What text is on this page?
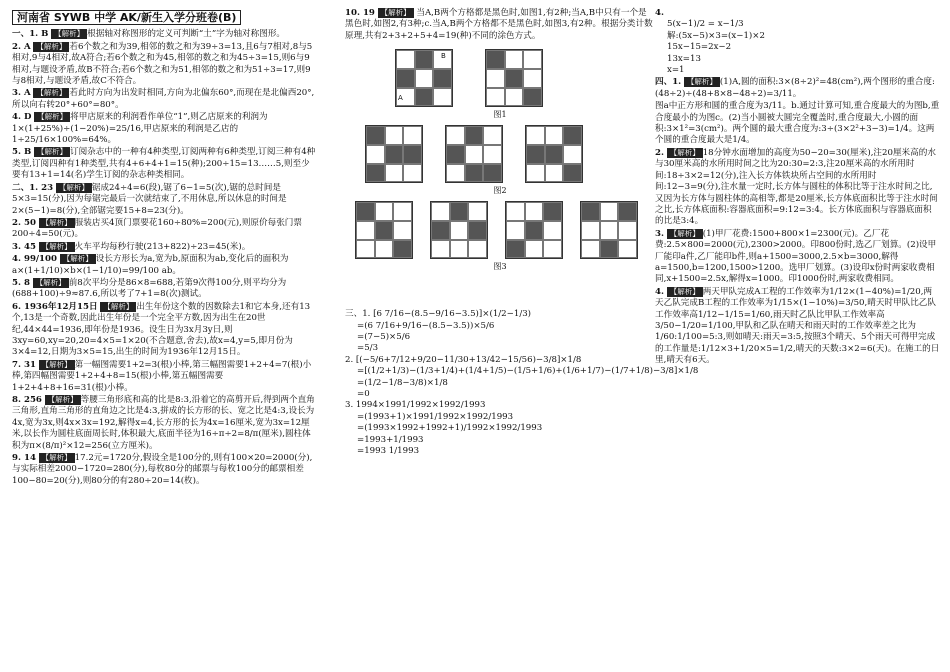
河南省 SYWB 中学 AK/新生入学分班卷(B)
一、1. B 【解析】 根据轴对称图形的定义可判断“土”字为轴对称图形。
2. A 【解析】 若6个数之和为39,相邻的数之和为39÷3=13,且6与7相对,8与5相对,9与4相对,故A符合;若6个数之和为45,相邻的数之和为45÷3=15,则6与9相对,与题设矛盾,故B不符合;若6个数之和为51,相邻的数之和为51÷3=17,则9与8相对,与题设矛盾,故C不符合。
3. A 【解析】 若此时方向为出发时相同,方向为北偏东60°,而现在是北偏西20°,所以向右转20°+60°=80°。
4. D 【解析】 将甲店原来的利润看作单位“1”,则乙店原来的利润为1×(1+25%)÷(1−20%)=25/16,甲店原来的利润是乙店的1÷25/16×100%=64%。
5. B 【解析】 订阅杂志中的一种有4种类型,订阅两种有6种类型,订阅三种有4种类型,订阅四种有1种类型,共有4+6+4+1=15(种);200÷15=13……5,则至少要有13+1=14(名)学生订阅的杂志种类相同。
二、1. 23 【解析】 锯成24÷4=6(段),锯了6−1=5(次),锯的总时间是5×3=15(分),因为每锯完最后一次就结束了,不用休息,所以休息的时间是2×(5−1)=8(分),全部锯完要15+8=23(分)。
2. 50 【解析】 服装店买4顶门票要花160÷80%=200(元),则原价每张门票200÷4=50(元)。
3. 45 【解析】 火车平均每秒行驶(213+822)÷23=45(米)。
4. 99/100 【解析】 设长方形长为a,宽为b,原面积为ab,变化后的面积为a×(1+1/10)×b×(1−1/10)=99/100 ab。
5. 8 【解析】 前8次平均分是86×8=688,若第9次得100分,则平均分为(688+100)÷9≈87.6,所以考了7+1=8(次)测试。
6. 1936年12月15日 【解析】 出生年份这个数的因数除去1和它本身,还有13个,13是一个奇数,因此出生年份是一个完全平方数,因为出生在20世纪,44×44=1936,即年份是1936。设生日为3x月3y日,则3xy=60,xy=20,20=4×5=1×20(不合题意,舍去),故x=4,y=5,即月份为3×4=12,日期为3×5=15,出生的时间为1936年12月15日。
7. 31 【解析】 第一幅图需要1+2=3(根)小棒,第三幅图需要1+2+4=7(根)小棒,第四幅图需要1+2+4+8=15(根)小棒,第五幅图需要1+2+4+8+16=31(根)小棒。
8. 256 【解析】 等腰三角形底和高的比是8:3,沿着它的高剪开后,得到两个直角三角形,直角三角形的直角边之比是4:3,拼成的长方形的长、宽之比是4:3,设长为4x,宽为3x,则4x×3x=192,解得x=4,长方形的长为4x=16厘米,宽为3x=12厘米,以长作为圆柱底面周长时,体积最大,底面半径为16÷π÷2=8/π(厘米),圆柱体积为π×(8/π)²×12=256(立方厘米)。
9. 14 【解析】 17.2元=1720分,假设全是100分的,则有100×20=2000(分),与实际相差2000−1720=280(分),每枚80分的邮票与每枚100分的邮票相差100−80=20(分),则80分的有280÷20=14(枚)。
10. 19 【解析】 当A,B两个方格都是黑色时,如图1,有2种;当A,B中只有一个是黑色时,如图2,有3种;c.当A,B两个方格都不是黑色时,如图3,有2种。根据分类计数原理,共有2+3+2+5+4=19(种)不同的涂色方式。
A
B
图1
图2
图3
三、1. [6 7/16−(8.5−9/16−3.5)]×(1/2−1/3)
=(6 7/16+9/16−(8.5−3.5))×5/6
=(7−5)×5/6
=5/3
2. [(−5/6+7/12+9/20−11/30+13/42−15/56)−3/8]×1/8
=[(1/2+1/3)−(1/3+1/4)+(1/4+1/5)−(1/5+1/6)+(1/6+1/7)−(1/7+1/8)−3/8]×1/8
=(1/2−1/8−3/8)×1/8
=0
3. 1994×1991/1992×1992/1993
=(1993+1)×1991/1992×1992/1993
=(1993×1992+1992+1)/1992×1992/1993
=1993+1/1993
=1993 1/1993
4.
5(x−1)/2 = x−1/3
解:(5x−5)×3=(x−1)×2
15x−15=2x−2
13x=13
x=1
四、1. 【解析】 (1)A,圆的面积:3×(8÷2)²=48(cm²),两个图形的重合度:(48÷2)÷(48+8×8−48÷2)=3/11。
图a中正方形和圆的重合度为3/11。b.通过计算可知,重合度最大的为图b,重合度最小的为图c。(2)当小圆被大圆完全覆盖时,重合度最大,小圆的面积:3×1²=3(cm²)。两个圆的最大重合度为:3÷(3×2²+3−3)=1/4。这两个圆的重合度最大是1/4。
2. 【解析】 18分钟水面增加的高度为50−20=30(厘米),注20厘米高的水与30厘米高的水所用时间之比为20:30=2:3,注20厘米高的水所用时间:18÷3×2=12(分),注入长方体铁块所占空间的水所用时间:12−3=9(分),注水量一定时,长方体与圆柱的体积比等于注水时间之比,又因为长方体与圆柱体的高相等,都是20厘米,长方体底面积比等于注水时间之比,长方体底面积:容器底面积=9:12=3:4。长方体底面积与容器底面积的比是3:4。
3. 【解析】 (1)甲厂花费:1500+800×1=2300(元)。乙厂花费:2.5×800=2000(元),2300>2000。印800份时,选乙厂划算。(2)设甲厂能印a件,乙厂能印b件,则a+1500=3000,2.5×b=3000,解得a=1500,b=1200,1500>1200。选甲厂划算。(3)设印x份时两家收费相同,x+1500=2.5x,解得x=1000。印1000份时,两家收费相同。
4. 【解析】 两天甲队完成A工程的工作效率为1/12×(1−40%)=1/20,两天乙队完成B工程的工作效率为1/15×(1−10%)=3/50,晴天时甲队比乙队工作效率高1/12−1/15=1/60,雨天时乙队比甲队工作效率高3/50−1/20=1/100,甲队和乙队在晴天和雨天时的工作效率差之比为1/60:1/100=5:3,则如晴天:雨天=3:5,按照3个晴天、5个雨天可得甲完成的工作量是:1/12×3+1/20×5=1/2,晴天的天数:3×2=6(天)。在施工的日里,晴天有6天。
